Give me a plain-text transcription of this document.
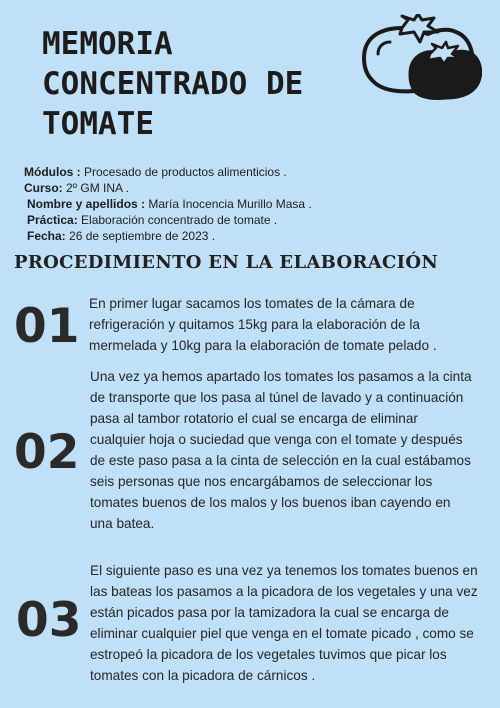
MEMORIA
CONCENTRADO DE
TOMATE
Módulos : Procesado de productos alimenticios .
Curso: 2º GM INA .
Nombre y apellidos : María Inocencia Murillo Masa .
Práctica: Elaboración concentrado de tomate .
Fecha: 26 de septiembre de 2023 .
PROCEDIMIENTO EN LA ELABORACIÓN
01 En primer lugar sacamos los tomates de la cámara de refrigeración y quitamos 15kg para la elaboración de la mermelada y 10kg para la elaboración de tomate pelado .

02

Una vez ya hemos apartado los tomates los pasamos a la cinta de transporte que los pasa al túnel de lavado y a continuación pasa al tambor rotatorio el cual se encarga de eliminar cualquier hoja o suciedad que venga con el tomate y después de este paso pasa a la cinta de selección en la cual estábamos seis personas que nos encargábamos de seleccionar los tomates buenos de los malos y los buenos iban cayendo en una batea.

03

El siguiente paso es una vez ya tenemos los tomates buenos en las bateas los pasamos a la picadora de los vegetales y una vez están picados pasa por la tamizadora la cual se encarga de eliminar cualquier piel que venga en el tomate picado , como se estropeó la picadora de los vegetales tuvimos que picar los tomates con la picadora de cárnicos .
